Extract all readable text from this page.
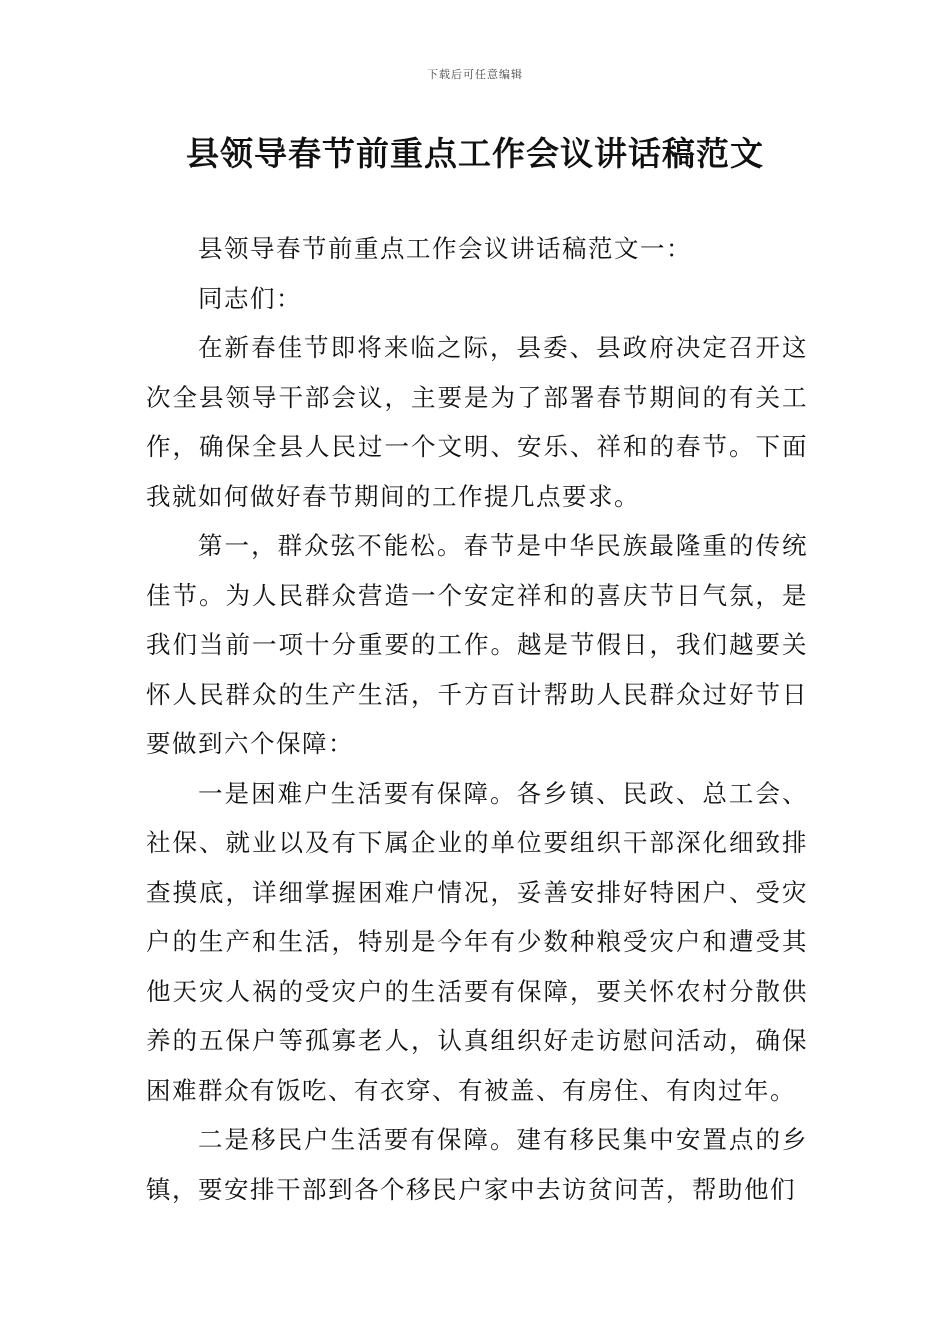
下载后可任意编辑
县领导春节前重点工作会议讲话稿范文

县领导春节前重点工作会议讲话稿范文一：

同志们：

在新春佳节即将来临之际，县委、县政府决定召开这次全县领导干部会议，主要是为了部署春节期间的有关工作，确保全县人民过一个文明、安乐、祥和的春节。下面我就如何做好春节期间的工作提几点要求。

第一，群众弦不能松。春节是中华民族最隆重的传统佳节。为人民群众营造一个安定祥和的喜庆节日气氛，是我们当前一项十分重要的工作。越是节假日，我们越要关怀人民群众的生产生活，千方百计帮助人民群众过好节日要做到六个保障：

一是困难户生活要有保障。各乡镇、民政、总工会、社保、就业以及有下属企业的单位要组织干部深化细致排查摸底，详细掌握困难户情况，妥善安排好特困户、受灾户的生产和生活，特别是今年有少数种粮受灾户和遭受其他天灾人祸的受灾户的生活要有保障，要关怀农村分散供养的五保户等孤寡老人，认真组织好走访慰问活动，确保困难群众有饭吃、有衣穿、有被盖、有房住、有肉过年。

二是移民户生活要有保障。建有移民集中安置点的乡镇，要安排干部到各个移民户家中去访贫问苦，帮助他们
